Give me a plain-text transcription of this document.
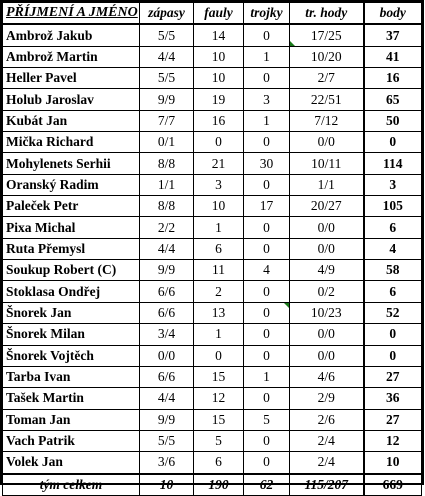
PŘÍJMENÍ A JMÉNO	zápasy	fauly	trojky	tr. hody	body
Ambrož Jakub	5/5	14	0	17/25	37
Ambrož Martin	4/4	10	1	10/20	41
Heller Pavel	5/5	10	0	2/7	16
Holub Jaroslav	9/9	19	3	22/51	65
Kubát Jan	7/7	16	1	7/12	50
Mička Richard	0/1	0	0	0/0	0
Mohylenets Serhii	8/8	21	30	10/11	114
Oranský Radim	1/1	3	0	1/1	3
Paleček Petr	8/8	10	17	20/27	105
Pixa Michal	2/2	1	0	0/0	6
Ruta Přemysl	4/4	6	0	0/0	4
Soukup Robert (C)	9/9	11	4	4/9	58
Stoklasa Ondřej	6/6	2	0	0/2	6
Šnorek Jan	6/6	13	0	10/23	52
Šnorek Milan	3/4	1	0	0/0	0
Šnorek Vojtěch	0/0	0	0	0/0	0
Tarba Ivan	6/6	15	1	4/6	27
Tašek Martin	4/4	12	0	2/9	36
Toman Jan	9/9	15	5	2/6	27
Vach Patrik	5/5	5	0	2/4	12
Volek Jan	3/6	6	0	2/4	10
tým celkem	10	190	62	115/207	669
